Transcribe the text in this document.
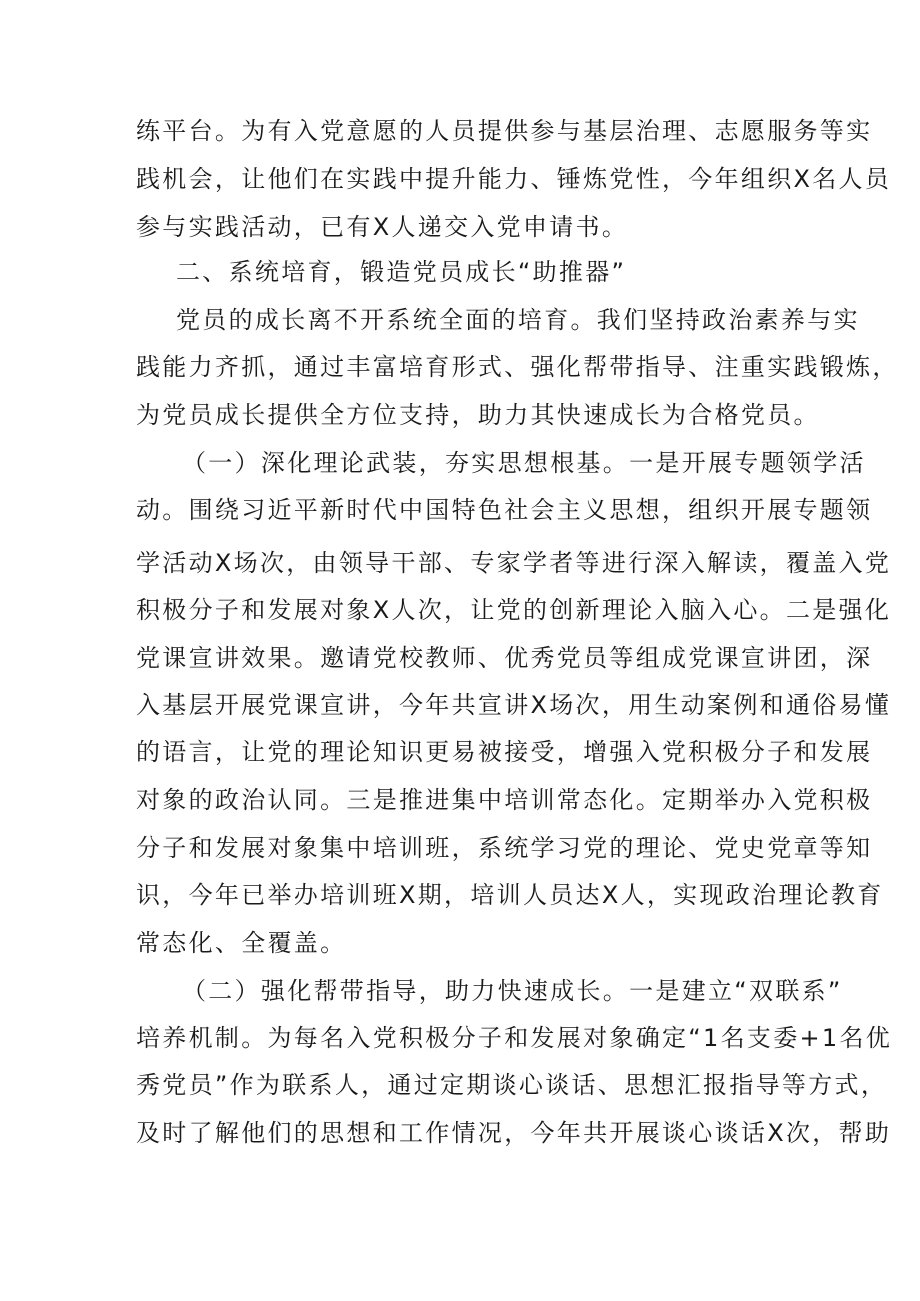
练平台。为有入党意愿的人员提供参与基层治理、志愿服务等实
践机会，让他们在实践中提升能力、锤炼党性，今年组织X名人员
参与实践活动，已有X人递交入党申请书。
二、系统培育，锻造党员成长“助推器”
党员的成长离不开系统全面的培育。我们坚持政治素养与实
践能力齐抓，通过丰富培育形式、强化帮带指导、注重实践锻炼，
为党员成长提供全方位支持，助力其快速成长为合格党员。
（一）深化理论武装，夯实思想根基。一是开展专题领学活
动。围绕习近平新时代中国特色社会主义思想，组织开展专题领
学活动X场次，由领导干部、专家学者等进行深入解读，覆盖入党
积极分子和发展对象X人次，让党的创新理论入脑入心。二是强化
党课宣讲效果。邀请党校教师、优秀党员等组成党课宣讲团，深
入基层开展党课宣讲，今年共宣讲X场次，用生动案例和通俗易懂
的语言，让党的理论知识更易被接受，增强入党积极分子和发展
对象的政治认同。三是推进集中培训常态化。定期举办入党积极
分子和发展对象集中培训班，系统学习党的理论、党史党章等知
识，今年已举办培训班X期，培训人员达X人，实现政治理论教育
常态化、全覆盖。
（二）强化帮带指导，助力快速成长。一是建立“双联系”
培养机制。为每名入党积极分子和发展对象确定“1名支委+1名优
秀党员”作为联系人，通过定期谈心谈话、思想汇报指导等方式，
及时了解他们的思想和工作情况，今年共开展谈心谈话X次，帮助
